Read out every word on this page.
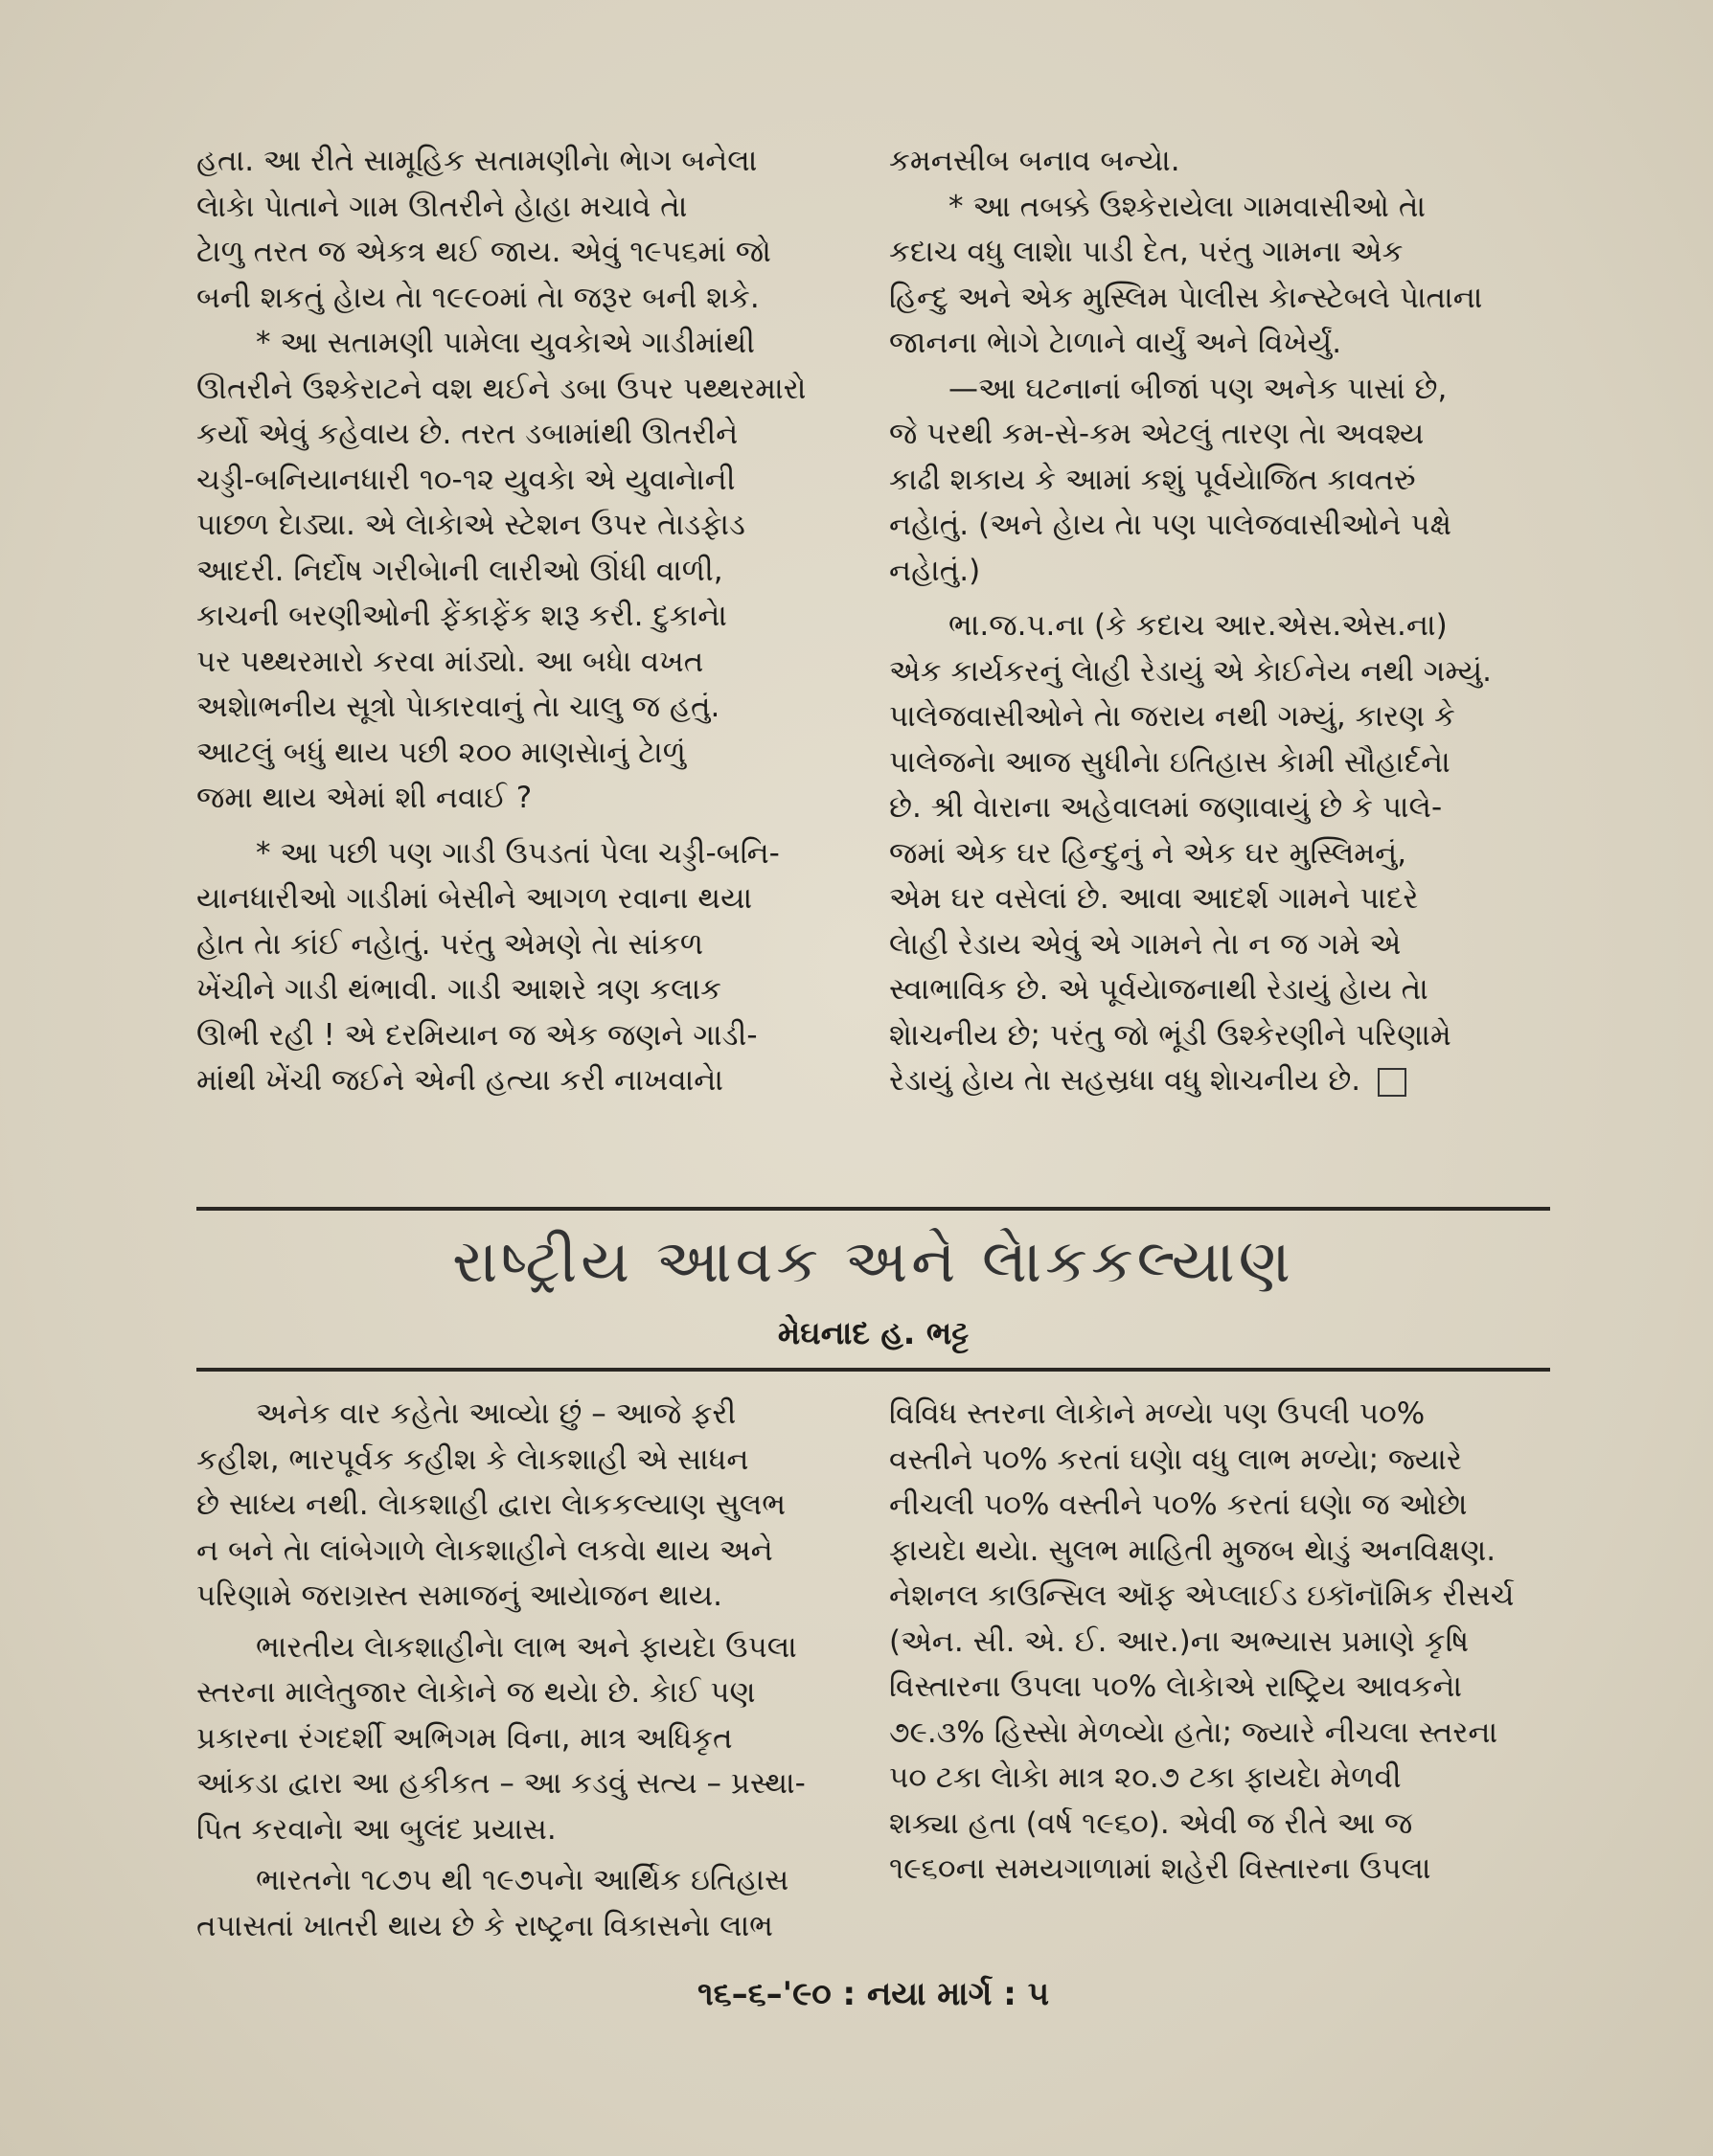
હતા. આ રીતે સામૂહિક સતામણીનેા ભેાગ બનેલા
લેાકેા પેાતાને ગામ ઊતરીને હેાહા મચાવે તેા
ટેાળુ તરત જ એકત્ર થઈ જાય. એવું ૧૯૫૬માં જો
બની શકતું હેાય તેા ૧૯૯૦માં તેા જરૂર બની શકે.
* આ સતામણી પામેલા યુવકેાએ ગાડીમાંથી
ઊતરીને ઉશ્કેરાટને વશ થઈને ડબા ઉપર પથ્થરમારો
કર્યો એવું કહેવાય છે. તરત ડબામાંથી ઊતરીને
ચડ્ડી-બનિયાનધારી ૧૦-૧૨ યુવકેા એ યુવાનેાની
પાછળ દેાડ્યા. એ લેાકેાએ સ્ટેશન ઉપર તેાડફેાડ
આદરી. નિર્દોષ ગરીબેાની લારીઓ ઊંધી વાળી,
કાચની બરણીઓની ફેંકાફેંક શરૂ કરી. દુકાનેા
પર પથ્થરમારો કરવા માંડ્યો. આ બધેા વખત
અશેાભનીય સૂત્રો પેાકારવાનું તેા ચાલુ જ હતું.
આટલું બધું થાય પછી ૨૦૦ માણસેાનું ટેાળું
જમા થાય એમાં શી નવાઈ ?
* આ પછી પણ ગાડી ઉપડતાં પેલા ચડ્ડી-બનિ-
યાનધારીઓ ગાડીમાં બેસીને આગળ રવાના થયા
હેાત તેા કાંઈ નહેાતું. પરંતુ એમણે તેા સાંકળ
ખેંચીને ગાડી થંભાવી. ગાડી આશરે ત્રણ કલાક
ઊભી રહી ! એ દરમિયાન જ એક જણને ગાડી-
માંથી ખેંચી જઈને એની હત્યા કરી નાખવાનેા
કમનસીબ બનાવ બન્યેા.
* આ તબક્કે ઉશ્કેરાયેલા ગામવાસીઓ તેા
કદાચ વધુ લાશેા પાડી દેત, પરંતુ ગામના એક
હિન્દુ અને એક મુસ્લિમ પેાલીસ કેાન્સ્ટેબલે પેાતાના
જાનના ભેાગે ટેાળાને વાર્યું અને વિખેર્યું.
—આ ઘટનાનાં બીજાં પણ અનેક પાસાં છે,
જે પરથી કમ-સે-કમ એટલું તારણ તેા અવશ્ય
કાઢી શકાય કે આમાં કશું પૂર્વયેાજિત કાવતરું
નહેાતું. (અને હેાય તેા પણ પાલેજવાસીઓને પક્ષે
નહેાતું.)
ભા.જ.પ.ના (કે કદાચ આર.એસ.એસ.ના)
એક કાર્યકરનું લેાહી રેડાયું એ કેાઈનેય નથી ગમ્યું.
પાલેજવાસીઓને તેા જરાય નથી ગમ્યું, કારણ કે
પાલેજનેા આજ સુધીનેા ઇતિહાસ કેામી સૌહાર્દનેા
છે. શ્રી વેારાના અહેવાલમાં જણાવાયું છે કે પાલે-
જમાં એક ઘર હિન્દુનું ને એક ઘર મુસ્લિમનું,
એમ ઘર વસેલાં છે. આવા આદર્શ ગામને પાદરે
લેાહી રેડાય એવું એ ગામને તેા ન જ ગમે એ
સ્વાભાવિક છે. એ પૂર્વયેાજનાથી રેડાયું હેાય તેા
શેાચનીય છે; પરંતુ જો ભૂંડી ઉશ્કેરણીને પરિણામે
રેડાયું હેાય તેા સહસ્રધા વધુ શેાચનીય છે.
રાષ્ટ્રીય આવક અને લેાકકલ્યાણ
મેઘનાદ હ. ભટ્ટ
અનેક વાર કહેતેા આવ્યેા છું – આજે ફરી
કહીશ, ભારપૂર્વક કહીશ કે લેાકશાહી એ સાધન
છે સાધ્ય નથી. લેાકશાહી દ્વારા લેાકકલ્યાણ સુલભ
ન બને તેા લાંબેગાળે લેાકશાહીને લકવેા થાય અને
પરિણામે જરાગ્રસ્ત સમાજનું આયેાજન થાય.
ભારતીય લેાકશાહીનેા લાભ અને ફાયદેા ઉપલા
સ્તરના માલેતુજાર લેાકેાને જ થયેા છે. કેાઈ પણ
પ્રકારના રંગદર્શી અભિગમ વિના, માત્ર અધિકૃત
આંકડા દ્વારા આ હકીકત – આ કડવું સત્ય – પ્રસ્થા-
પિત કરવાનેા આ બુલંદ પ્રયાસ.
ભારતનેા ૧૮૭૫ થી ૧૯૭૫નેા આર્થિક ઇતિહાસ
તપાસતાં ખાતરી થાય છે કે રાષ્ટ્રના વિકાસનેા લાભ
વિવિધ સ્તરના લેાકેાને મળ્યેા પણ ઉપલી ૫૦%
વસ્તીને ૫૦% કરતાં ઘણેા વધુ લાભ મળ્યેા; જ્યારે
નીચલી ૫૦% વસ્તીને ૫૦% કરતાં ઘણેા જ ઓછેા
ફાયદેા થયેા. સુલભ માહિતી મુજબ થેાડું અનવિક્ષણ.
નેશનલ કાઉન્સિલ ઑફ એપ્લાઈડ ઇકૉનૉમિક રીસર્ચ
(એન. સી. એ. ઈ. આર.)ના અભ્યાસ પ્રમાણે કૃષિ
વિસ્તારના ઉપલા ૫૦% લેાકેાએ રાષ્ટ્રિય આવકનેા
૭૯.૩% હિસ્સેા મેળવ્યેા હતેા; જ્યારે નીચલા સ્તરના
૫૦ ટકા લેાકેા માત્ર ૨૦.૭ ટકા ફાયદેા મેળવી
શક્યા હતા (વર્ષ ૧૯૬૦). એવી જ રીતે આ જ
૧૯૬૦ના સમયગાળામાં શહેરી વિસ્તારના ઉપલા
૧૬–૬–'૯૦ : નયા માર્ગ : ૫
